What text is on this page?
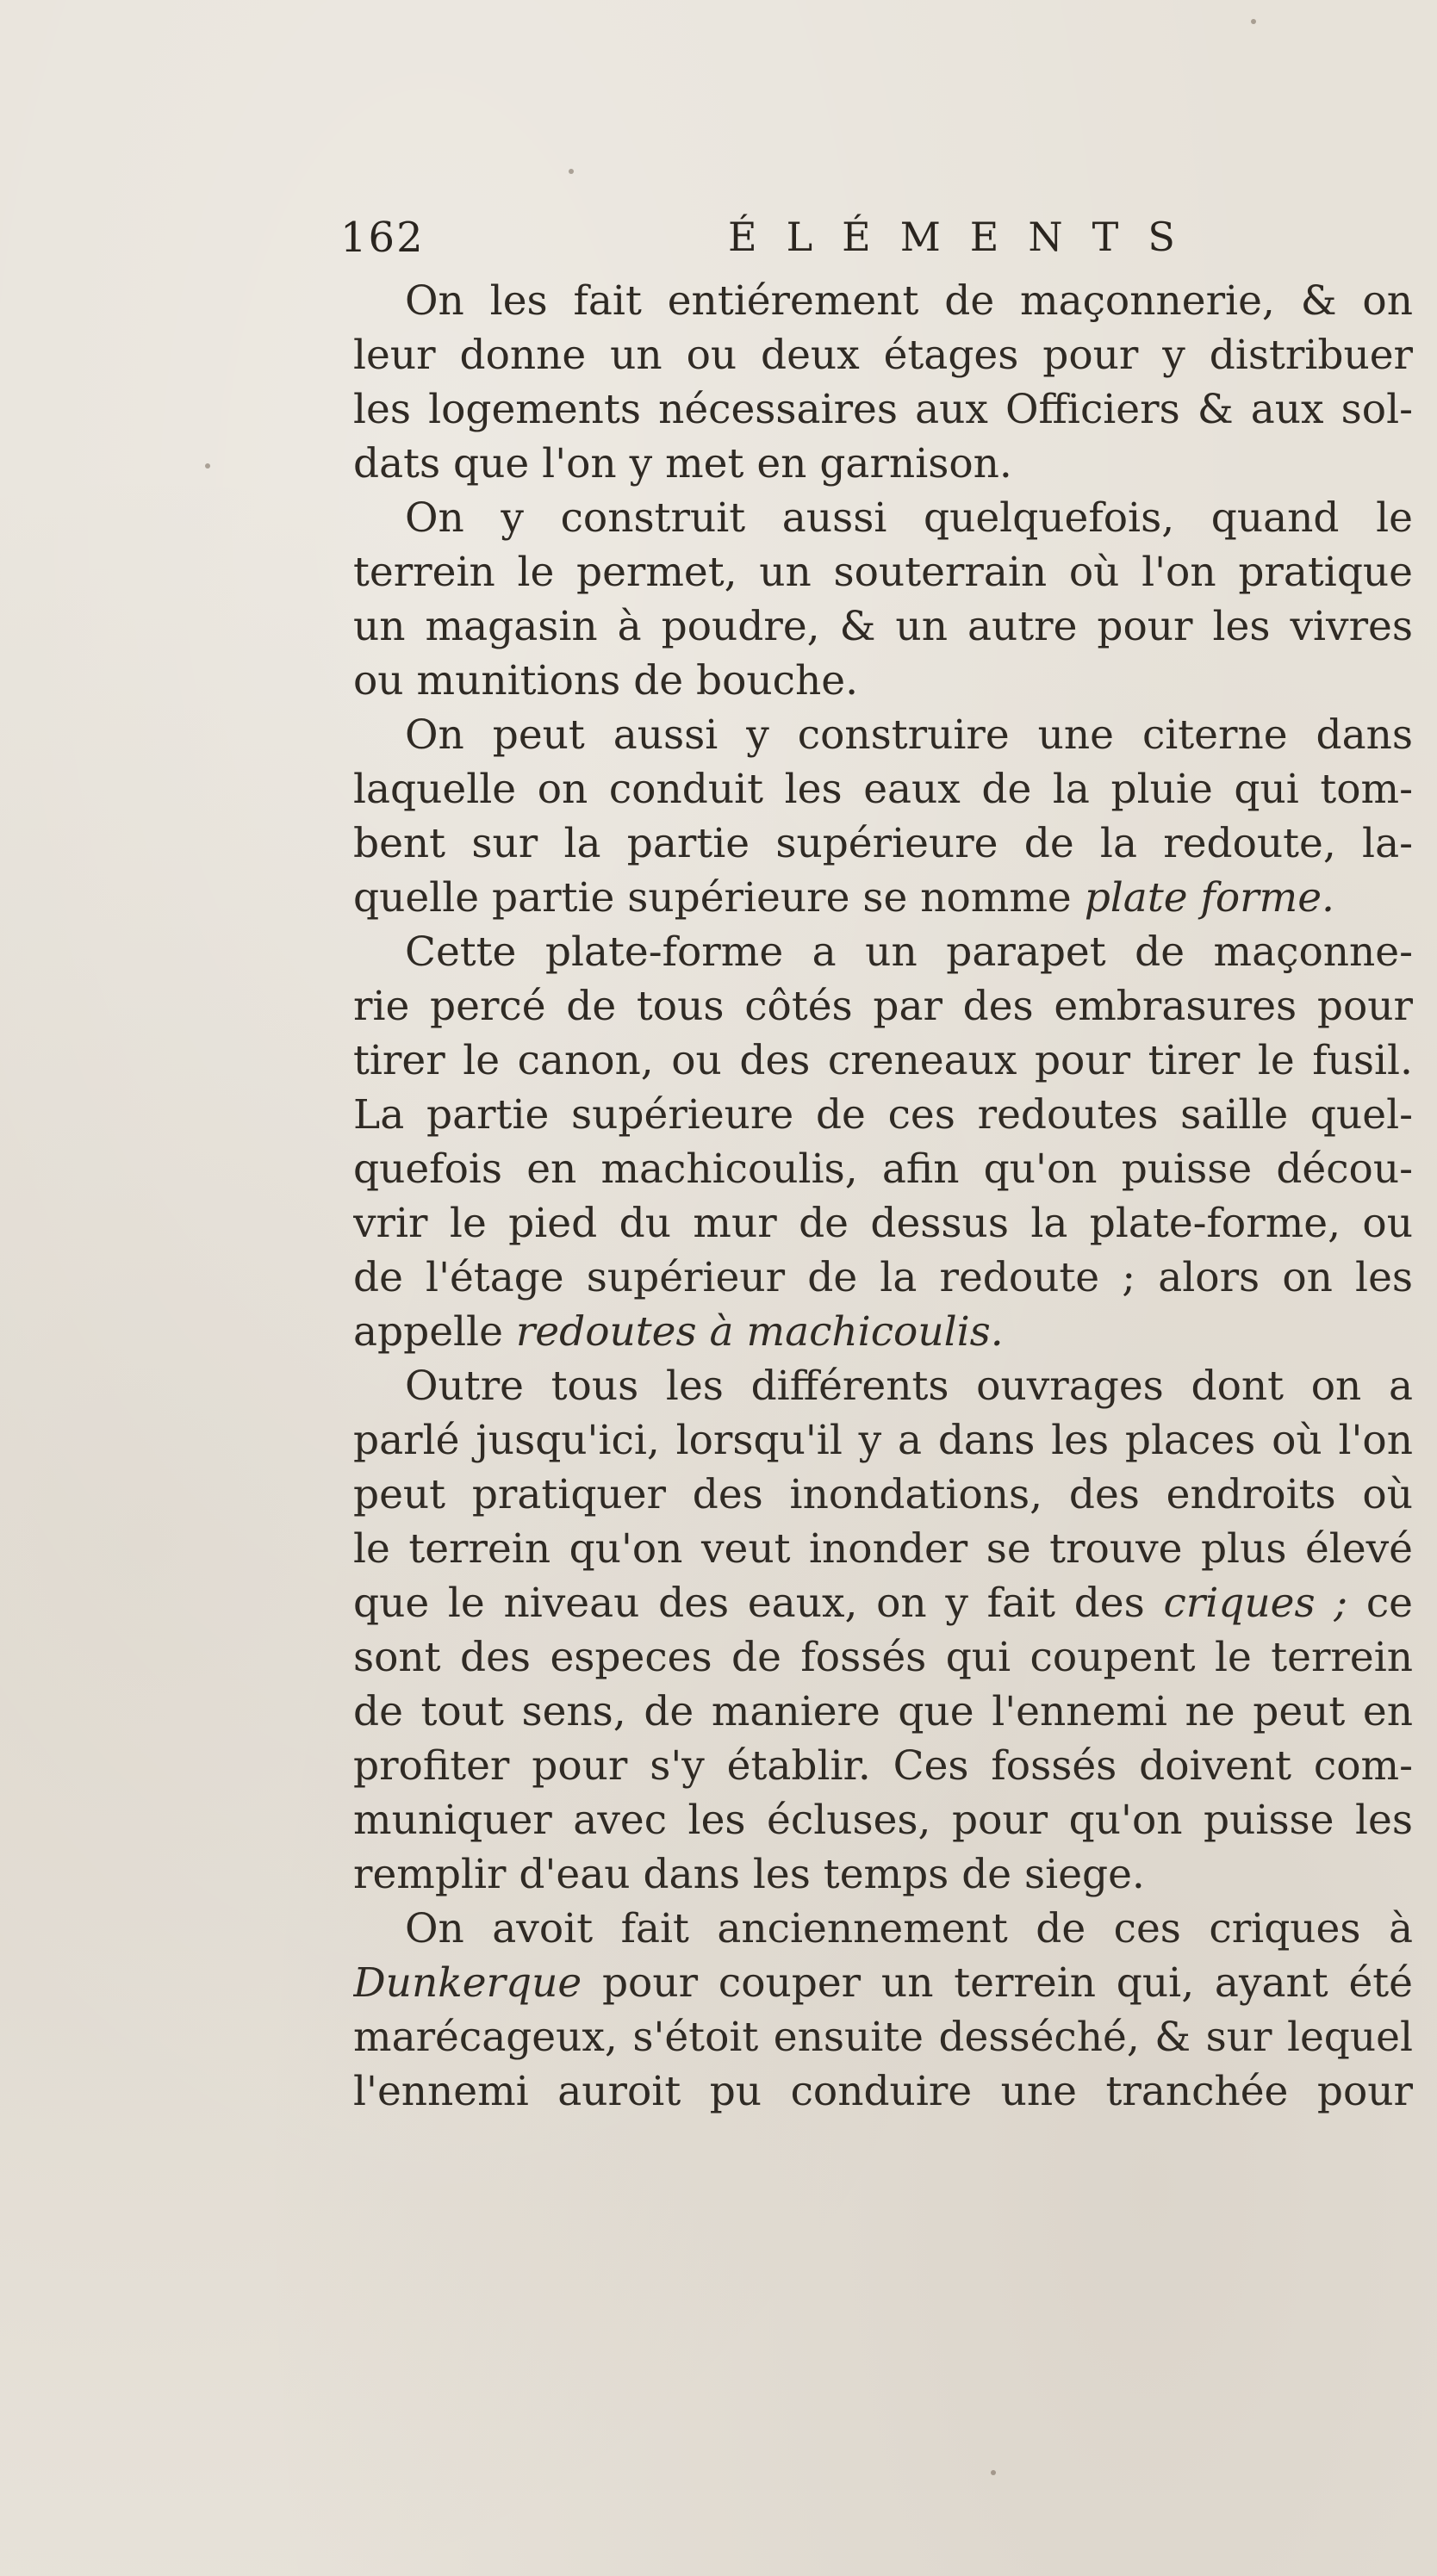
162	ÉLÉMENTS
On les fait entiérement de maçonnerie, & on
leur donne un ou deux étages pour y distribuer
les logements nécessaires aux Officiers & aux sol-
dats que l'on y met en garnison.
On y construit aussi quelquefois, quand le
terrein le permet, un souterrain où l'on pratique
un magasin à poudre, & un autre pour les vivres
ou munitions de bouche.
On peut aussi y construire une citerne dans
laquelle on conduit les eaux de la pluie qui tom-
bent sur la partie supérieure de la redoute, la-
quelle partie supérieure se nomme plate forme.
Cette plate-forme a un parapet de maçonne-
rie percé de tous côtés par des embrasures pour
tirer le canon, ou des creneaux pour tirer le fusil.
La partie supérieure de ces redoutes saille quel-
quefois en machicoulis, afin qu'on puisse décou-
vrir le pied du mur de dessus la plate-forme, ou
de l'étage supérieur de la redoute ; alors on les
appelle redoutes à machicoulis.
Outre tous les différents ouvrages dont on a
parlé jusqu'ici, lorsqu'il y a dans les places où l'on
peut pratiquer des inondations, des endroits où
le terrein qu'on veut inonder se trouve plus élevé
que le niveau des eaux, on y fait des criques ; ce
sont des especes de fossés qui coupent le terrein
de tout sens, de maniere que l'ennemi ne peut en
profiter pour s'y établir. Ces fossés doivent com-
muniquer avec les écluses, pour qu'on puisse les
remplir d'eau dans les temps de siege.
On avoit fait anciennement de ces criques à
Dunkerque pour couper un terrein qui, ayant été
marécageux, s'étoit ensuite desséché, & sur lequel
l'ennemi auroit pu conduire une tranchée pour
